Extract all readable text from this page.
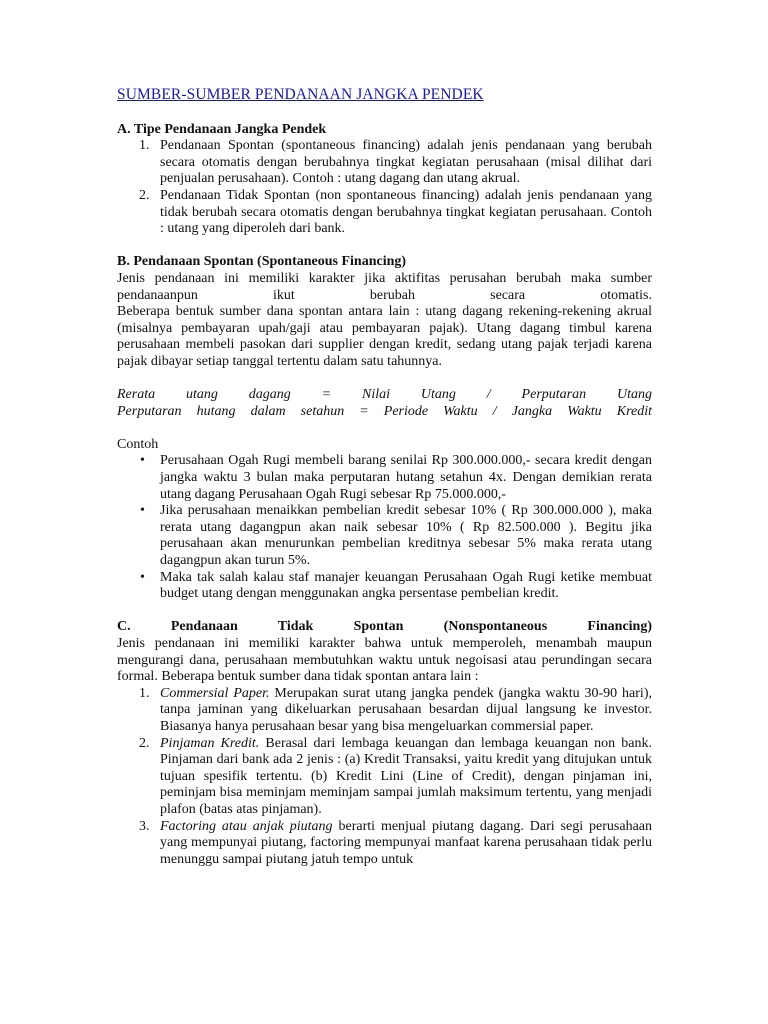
SUMBER-SUMBER PENDANAAN JANGKA PENDEK
A. Tipe Pendanaan Jangka Pendek
1. Pendanaan Spontan (spontaneous financing) adalah jenis pendanaan yang berubah secara otomatis dengan berubahnya tingkat kegiatan perusahaan (misal dilihat dari penjualan perusahaan). Contoh : utang dagang dan utang akrual.
2. Pendanaan Tidak Spontan (non spontaneous financing) adalah jenis pendanaan yang tidak berubah secara otomatis dengan berubahnya tingkat kegiatan perusahaan. Contoh : utang yang diperoleh dari bank.
B. Pendanaan Spontan (Spontaneous Financing)
Jenis pendanaan ini memiliki karakter jika aktifitas perusahan berubah maka sumber
pendanaanpun ikut berubah secara otomatis.
Beberapa bentuk sumber dana spontan antara lain : utang dagang rekening-rekening akrual (misalnya pembayaran upah/gaji atau pembayaran pajak). Utang dagang timbul karena perusahaan membeli pasokan dari supplier dengan kredit, sedang utang pajak terjadi karena pajak dibayar setiap tanggal tertentu dalam satu tahunnya.
Rerata utang dagang = Nilai Utang / Perputaran Utang
Perputaran hutang dalam setahun = Periode Waktu / Jangka Waktu Kredit
Contoh
• Perusahaan Ogah Rugi membeli barang senilai Rp 300.000.000,- secara kredit dengan jangka waktu 3 bulan maka perputaran hutang setahun 4x. Dengan demikian rerata utang dagang Perusahaan Ogah Rugi sebesar Rp 75.000.000,-
• Jika perusahaan menaikkan pembelian kredit sebesar 10% ( Rp 300.000.000 ), maka rerata utang dagangpun akan naik sebesar 10% ( Rp 82.500.000 ). Begitu jika perusahaan akan menurunkan pembelian kreditnya sebesar 5% maka rerata utang dagangpun akan turun 5%.
• Maka tak salah kalau staf manajer keuangan Perusahaan Ogah Rugi ketike membuat budget utang dengan menggunakan angka persentase pembelian kredit.
C. Pendanaan Tidak Spontan (Nonspontaneous Financing)
Jenis pendanaan ini memiliki karakter bahwa untuk memperoleh, menambah maupun mengurangi dana, perusahaan membutuhkan waktu untuk negoisasi atau perundingan secara formal. Beberapa bentuk sumber dana tidak spontan antara lain :
1. Commersial Paper. Merupakan surat utang jangka pendek (jangka waktu 30-90 hari), tanpa jaminan yang dikeluarkan perusahaan besardan dijual langsung ke investor. Biasanya hanya perusahaan besar yang bisa mengeluarkan commersial paper.
2. Pinjaman Kredit. Berasal dari lembaga keuangan dan lembaga keuangan non bank. Pinjaman dari bank ada 2 jenis : (a) Kredit Transaksi, yaitu kredit yang ditujukan untuk tujuan spesifik tertentu. (b) Kredit Lini (Line of Credit), dengan pinjaman ini, peminjam bisa meminjam meminjam sampai jumlah maksimum tertentu, yang menjadi plafon (batas atas pinjaman).
3. Factoring atau anjak piutang berarti menjual piutang dagang. Dari segi perusahaan yang mempunyai piutang, factoring mempunyai manfaat karena perusahaan tidak perlu menunggu sampai piutang jatuh tempo untuk
